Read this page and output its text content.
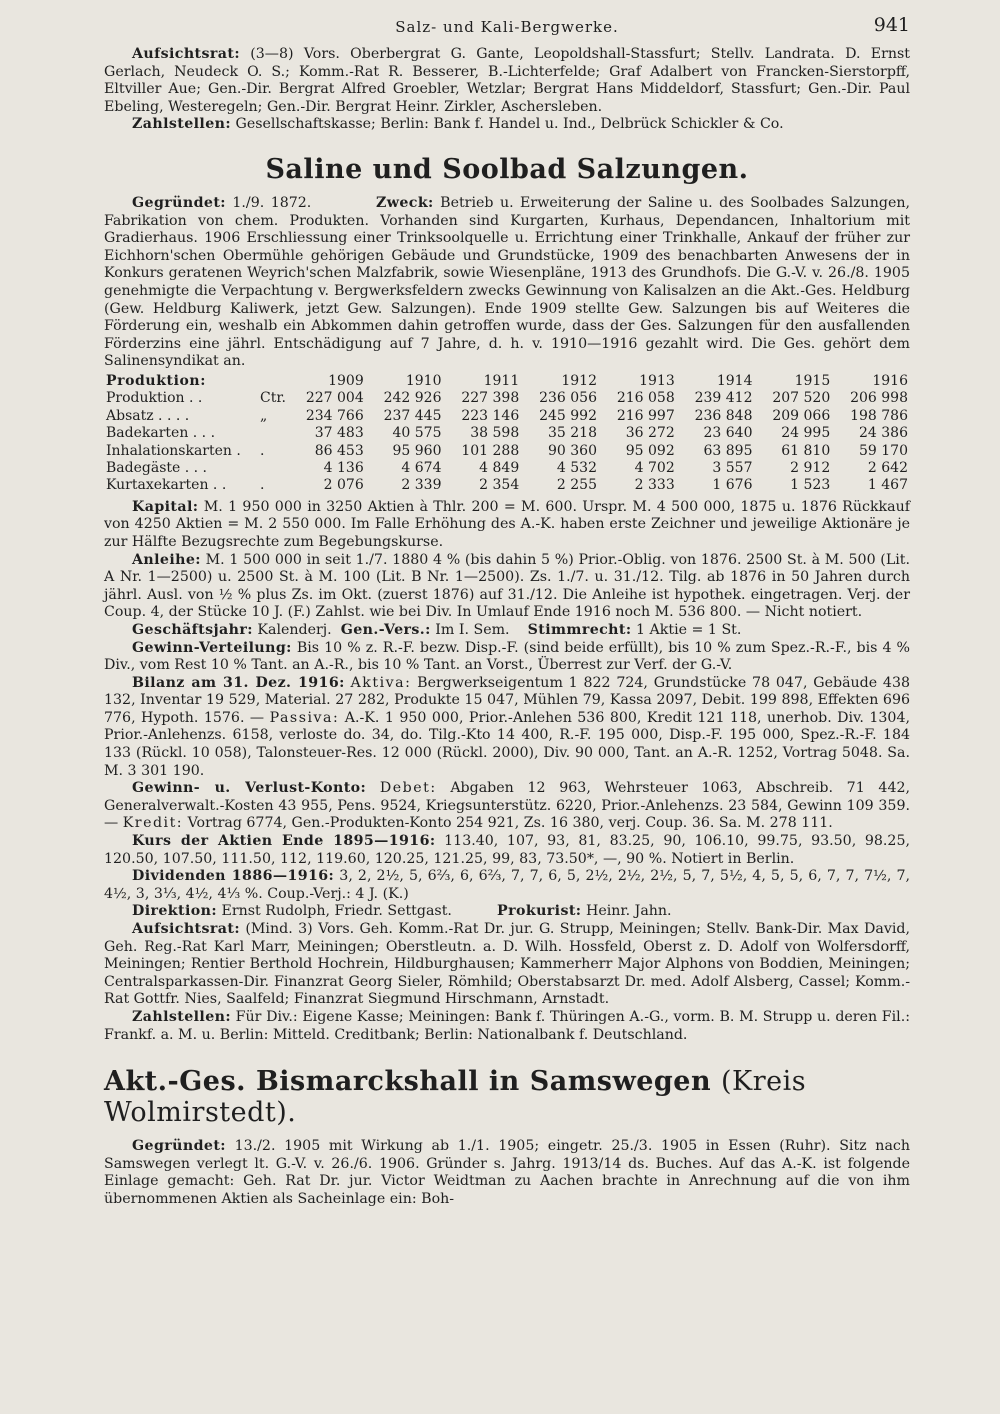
Salz- und Kali-Bergwerke.	941

Aufsichtsrat: (3—8) Vors. Oberbergrat G. Gante, Leopoldshall-Stassfurt; Stellv. Landrata. D. Ernst Gerlach, Neudeck O. S.; Komm.-Rat R. Besserer, B.-Lichterfelde; Graf Adalbert von Francken-Sierstorpff, Eltviller Aue; Gen.-Dir. Bergrat Alfred Groebler, Wetzlar; Bergrat Hans Middeldorf, Stassfurt; Gen.-Dir. Paul Ebeling, Westeregeln; Gen.-Dir. Bergrat Heinr. Zirkler, Aschersleben.

Zahlstellen: Gesellschaftskasse; Berlin: Bank f. Handel u. Ind., Delbrück Schickler & Co.

Saline und Soolbad Salzungen.

Gegründet: 1./9. 1872.	Zweck: Betrieb u. Erweiterung der Saline u. des Soolbades Salzungen, Fabrikation von chem. Produkten. Vorhanden sind Kurgarten, Kurhaus, Dependancen, Inhaltorium mit Gradierhaus. 1906 Erschliessung einer Trinksoolquelle u. Errichtung einer Trinkhalle, Ankauf der früher zur Eichhorn'schen Obermühle gehörigen Gebäude und Grundstücke, 1909 des benachbarten Anwesens der in Konkurs geratenen Weyrich'schen Malzfabrik, sowie Wiesenpläne, 1913 des Grundhofs. Die G.-V. v. 26./8. 1905 genehmigte die Verpachtung v. Bergwerksfeldern zwecks Gewinnung von Kalisalzen an die Akt.-Ges. Heldburg (Gew. Heldburg Kaliwerk, jetzt Gew. Salzungen). Ende 1909 stellte Gew. Salzungen bis auf Weiteres die Förderung ein, weshalb ein Abkommen dahin getroffen wurde, dass der Ges. Salzungen für den ausfallenden Förderzins eine jährl. Entschädigung auf 7 Jahre, d. h. v. 1910—1916 gezahlt wird. Die Ges. gehört dem Salinensyndikat an.

Produktion:		1909	1910	1911	1912	1913	1914	1915	1916
Produktion . .	Ctr.	227 004	242 926	227 398	236 056	216 058	239 412	207 520	206 998
Absatz . . . .	„	234 766	237 445	223 146	245 992	216 997	236 848	209 066	198 786
Badekarten . . .		37 483	40 575	38 598	35 218	36 272	23 640	24 995	24 386
Inhalationskarten .	.	86 453	95 960	101 288	90 360	95 092	63 895	61 810	59 170
Badegäste . . .		4 136	4 674	4 849	4 532	4 702	3 557	2 912	2 642
Kurtaxekarten . .	.	2 076	2 339	2 354	2 255	2 333	1 676	1 523	1 467

Kapital: M. 1 950 000 in 3250 Aktien à Thlr. 200 = M. 600. Urspr. M. 4 500 000, 1875 u. 1876 Rückkauf von 4250 Aktien = M. 2 550 000. Im Falle Erhöhung des A.-K. haben erste Zeichner und jeweilige Aktionäre je zur Hälfte Bezugsrechte zum Begebungskurse.

Anleihe: M. 1 500 000 in seit 1./7. 1880 4 % (bis dahin 5 %) Prior.-Oblig. von 1876. 2500 St. à M. 500 (Lit. A Nr. 1—2500) u. 2500 St. à M. 100 (Lit. B Nr. 1—2500). Zs. 1./7. u. 31./12. Tilg. ab 1876 in 50 Jahren durch jährl. Ausl. von ½ % plus Zs. im Okt. (zuerst 1876) auf 31./12. Die Anleihe ist hypothek. eingetragen. Verj. der Coup. 4, der Stücke 10 J. (F.) Zahlst. wie bei Div. In Umlauf Ende 1916 noch M. 536 800. — Nicht notiert.

Geschäftsjahr: Kalenderj. Gen.-Vers.: Im I. Sem. Stimmrecht: 1 Aktie = 1 St.

Gewinn-Verteilung: Bis 10 % z. R.-F. bezw. Disp.-F. (sind beide erfüllt), bis 10 % zum Spez.-R.-F., bis 4 % Div., vom Rest 10 % Tant. an A.-R., bis 10 % Tant. an Vorst., Überrest zur Verf. der G.-V.

Bilanz am 31. Dez. 1916: Aktiva: Bergwerkseigentum 1 822 724, Grundstücke 78 047, Gebäude 438 132, Inventar 19 529, Material. 27 282, Produkte 15 047, Mühlen 79, Kassa 2097, Debit. 199 898, Effekten 696 776, Hypoth. 1576. — Passiva: A.-K. 1 950 000, Prior.-Anlehen 536 800, Kredit 121 118, unerhob. Div. 1304, Prior.-Anlehenzs. 6158, verloste do. 34, do. Tilg.-Kto 14 400, R.-F. 195 000, Disp.-F. 195 000, Spez.-R.-F. 184 133 (Rückl. 10 058), Talonsteuer-Res. 12 000 (Rückl. 2000), Div. 90 000, Tant. an A.-R. 1252, Vortrag 5048. Sa. M. 3 301 190.

Gewinn- u. Verlust-Konto: Debet: Abgaben 12 963, Wehrsteuer 1063, Abschreib. 71 442, Generalverwalt.-Kosten 43 955, Pens. 9524, Kriegsunterstütz. 6220, Prior.-Anlehenzs. 23 584, Gewinn 109 359. — Kredit: Vortrag 6774, Gen.-Produkten-Konto 254 921, Zs. 16 380, verj. Coup. 36. Sa. M. 278 111.

Kurs der Aktien Ende 1895—1916: 113.40, 107, 93, 81, 83.25, 90, 106.10, 99.75, 93.50, 98.25, 120.50, 107.50, 111.50, 112, 119.60, 120.25, 121.25, 99, 83, 73.50*, —, 90 %. Notiert in Berlin.

Dividenden 1886—1916: 3, 2, 2½, 5, 6⅔, 6, 6⅔, 7, 7, 6, 5, 2½, 2½, 2½, 5, 7, 5½, 4, 5, 5, 6, 7, 7, 7½, 7, 4½, 3, 3⅓, 4½, 4⅓ %. Coup.-Verj.: 4 J. (K.)

Direktion: Ernst Rudolph, Friedr. Settgast.	Prokurist: Heinr. Jahn.

Aufsichtsrat: (Mind. 3) Vors. Geh. Komm.-Rat Dr. jur. G. Strupp, Meiningen; Stellv. Bank-Dir. Max David, Geh. Reg.-Rat Karl Marr, Meiningen; Oberstleutn. a. D. Wilh. Hossfeld, Oberst z. D. Adolf von Wolfersdorff, Meiningen; Rentier Berthold Hochrein, Hildburghausen; Kammerherr Major Alphons von Boddien, Meiningen; Centralsparkassen-Dir. Finanzrat Georg Sieler, Römhild; Oberstabsarzt Dr. med. Adolf Alsberg, Cassel; Komm.-Rat Gottfr. Nies, Saalfeld; Finanzrat Siegmund Hirschmann, Arnstadt.

Zahlstellen: Für Div.: Eigene Kasse; Meiningen: Bank f. Thüringen A.-G., vorm. B. M. Strupp u. deren Fil.: Frankf. a. M. u. Berlin: Mitteld. Creditbank; Berlin: Nationalbank f. Deutschland.

Akt.-Ges. Bismarckshall in Samswegen (Kreis Wolmirstedt).

Gegründet: 13./2. 1905 mit Wirkung ab 1./1. 1905; eingetr. 25./3. 1905 in Essen (Ruhr). Sitz nach Samswegen verlegt lt. G.-V. v. 26./6. 1906. Gründer s. Jahrg. 1913/14 ds. Buches. Auf das A.-K. ist folgende Einlage gemacht: Geh. Rat Dr. jur. Victor Weidtman zu Aachen brachte in Anrechnung auf die von ihm übernommenen Aktien als Sacheinlage ein: Boh-
